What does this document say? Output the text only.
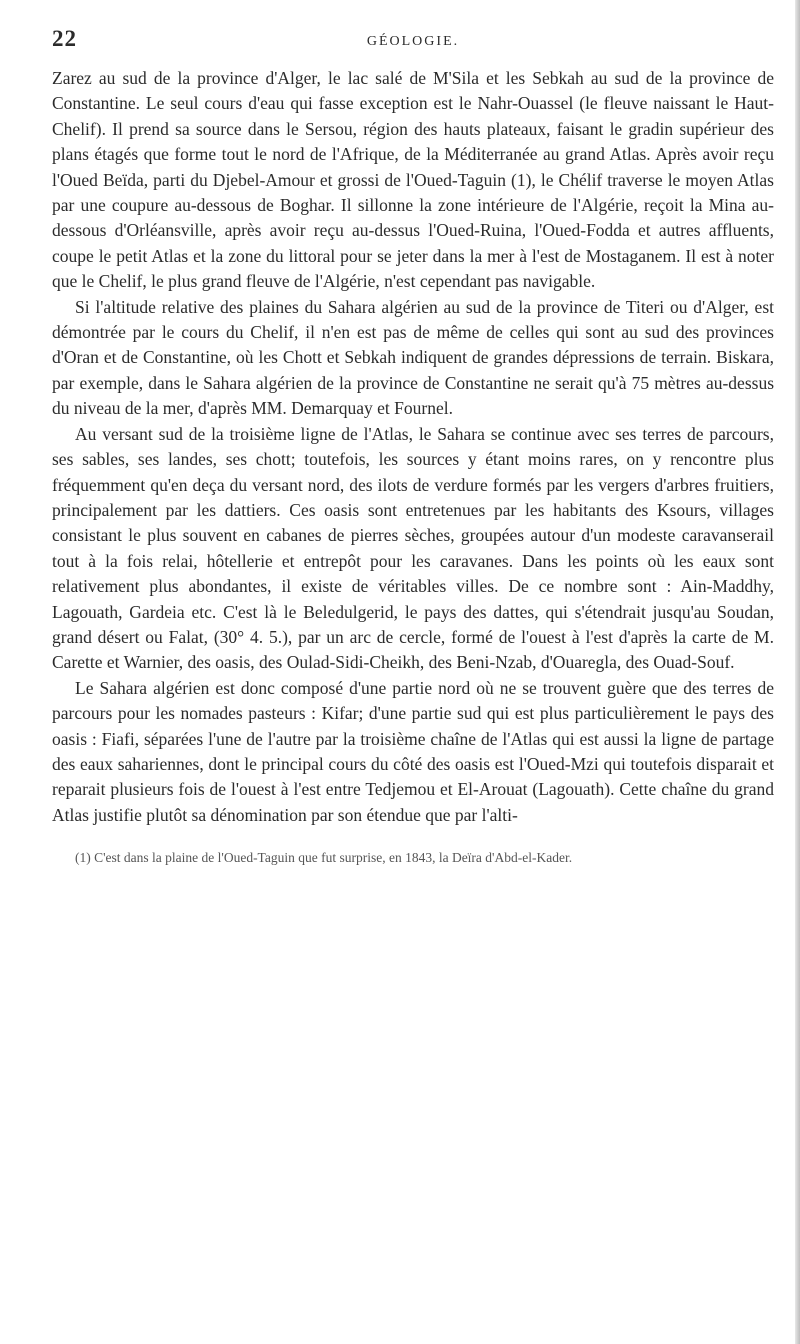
22	GÉOLOGIE.

Zarez au sud de la province d'Alger, le lac salé de M'Sila et les Sebkah au sud de la province de Constantine. Le seul cours d'eau qui fasse exception est le Nahr-Ouassel (le fleuve naissant le Haut-Chelif). Il prend sa source dans le Sersou, région des hauts plateaux, faisant le gradin supérieur des plans étagés que forme tout le nord de l'Afrique, de la Méditerranée au grand Atlas. Après avoir reçu l'Oued Beïda, parti du Djebel-Amour et grossi de l'Oued-Taguin (1), le Chélif traverse le moyen Atlas par une coupure au-dessous de Boghar. Il sillonne la zone intérieure de l'Algérie, reçoit la Mina au-dessous d'Orléansville, après avoir reçu au-dessus l'Oued-Ruina, l'Oued-Fodda et autres affluents, coupe le petit Atlas et la zone du littoral pour se jeter dans la mer à l'est de Mostaganem. Il est à noter que le Chelif, le plus grand fleuve de l'Algérie, n'est cependant pas navigable.

Si l'altitude relative des plaines du Sahara algérien au sud de la province de Titeri ou d'Alger, est démontrée par le cours du Chelif, il n'en est pas de même de celles qui sont au sud des provinces d'Oran et de Constantine, où les Chott et Sebkah indiquent de grandes dépressions de terrain. Biskara, par exemple, dans le Sahara algérien de la province de Constantine ne serait qu'à 75 mètres au-dessus du niveau de la mer, d'après MM. Demarquay et Fournel.

Au versant sud de la troisième ligne de l'Atlas, le Sahara se continue avec ses terres de parcours, ses sables, ses landes, ses chott; toutefois, les sources y étant moins rares, on y rencontre plus fréquemment qu'en deça du versant nord, des ilots de verdure formés par les vergers d'arbres fruitiers, principalement par les dattiers. Ces oasis sont entretenues par les habitants des Ksours, villages consistant le plus souvent en cabanes de pierres sèches, groupées autour d'un modeste caravanserail tout à la fois relai, hôtellerie et entrepôt pour les caravanes. Dans les points où les eaux sont relativement plus abondantes, il existe de véritables villes. De ce nombre sont : Ain-Maddhy, Lagouath, Gardeia etc. C'est là le Beledulgerid, le pays des dattes, qui s'étendrait jusqu'au Soudan, grand désert ou Falat, (30° 4. 5.), par un arc de cercle, formé de l'ouest à l'est d'après la carte de M. Carette et Warnier, des oasis, des Oulad-Sidi-Cheikh, des Beni-Nzab, d'Ouaregla, des Ouad-Souf.

Le Sahara algérien est donc composé d'une partie nord où ne se trouvent guère que des terres de parcours pour les nomades pasteurs : Kifar; d'une partie sud qui est plus particulièrement le pays des oasis : Fiafi, séparées l'une de l'autre par la troisième chaîne de l'Atlas qui est aussi la ligne de partage des eaux sahariennes, dont le principal cours du côté des oasis est l'Oued-Mzi qui toutefois disparait et reparait plusieurs fois de l'ouest à l'est entre Tedjemou et El-Arouat (Lagouath). Cette chaîne du grand Atlas justifie plutôt sa dénomination par son étendue que par l'alti-

(1) C'est dans la plaine de l'Oued-Taguin que fut surprise, en 1843, la Deïra d'Abd-el-Kader.
